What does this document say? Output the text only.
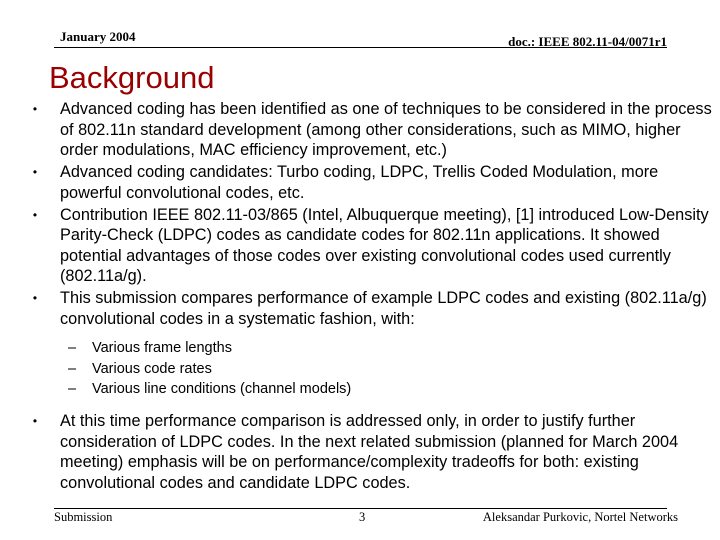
January 2004	doc.: IEEE 802.11-04/0071r1
Background
•	Advanced coding has been identified as one of techniques to be considered in the process of 802.11n standard development (among other considerations, such as MIMO, higher order modulations, MAC efficiency improvement, etc.)
•	Advanced coding candidates: Turbo coding, LDPC, Trellis Coded Modulation, more powerful convolutional codes, etc.
•	Contribution IEEE 802.11-03/865 (Intel, Albuquerque meeting), [1] introduced Low-Density Parity-Check (LDPC) codes as candidate codes for 802.11n applications. It showed potential advantages of those codes over existing convolutional codes used currently (802.11a/g).
•	This submission compares performance of example LDPC codes and existing (802.11a/g) convolutional codes in a systematic fashion, with:
– Various frame lengths
– Various code rates
– Various line conditions (channel models)
•	At this time performance comparison is addressed only, in order to justify further consideration of LDPC codes. In the next related submission (planned for March 2004 meeting) emphasis will be on performance/complexity tradeoffs for both: existing convolutional codes and candidate LDPC codes.
Submission	3	Aleksandar Purkovic, Nortel Networks
